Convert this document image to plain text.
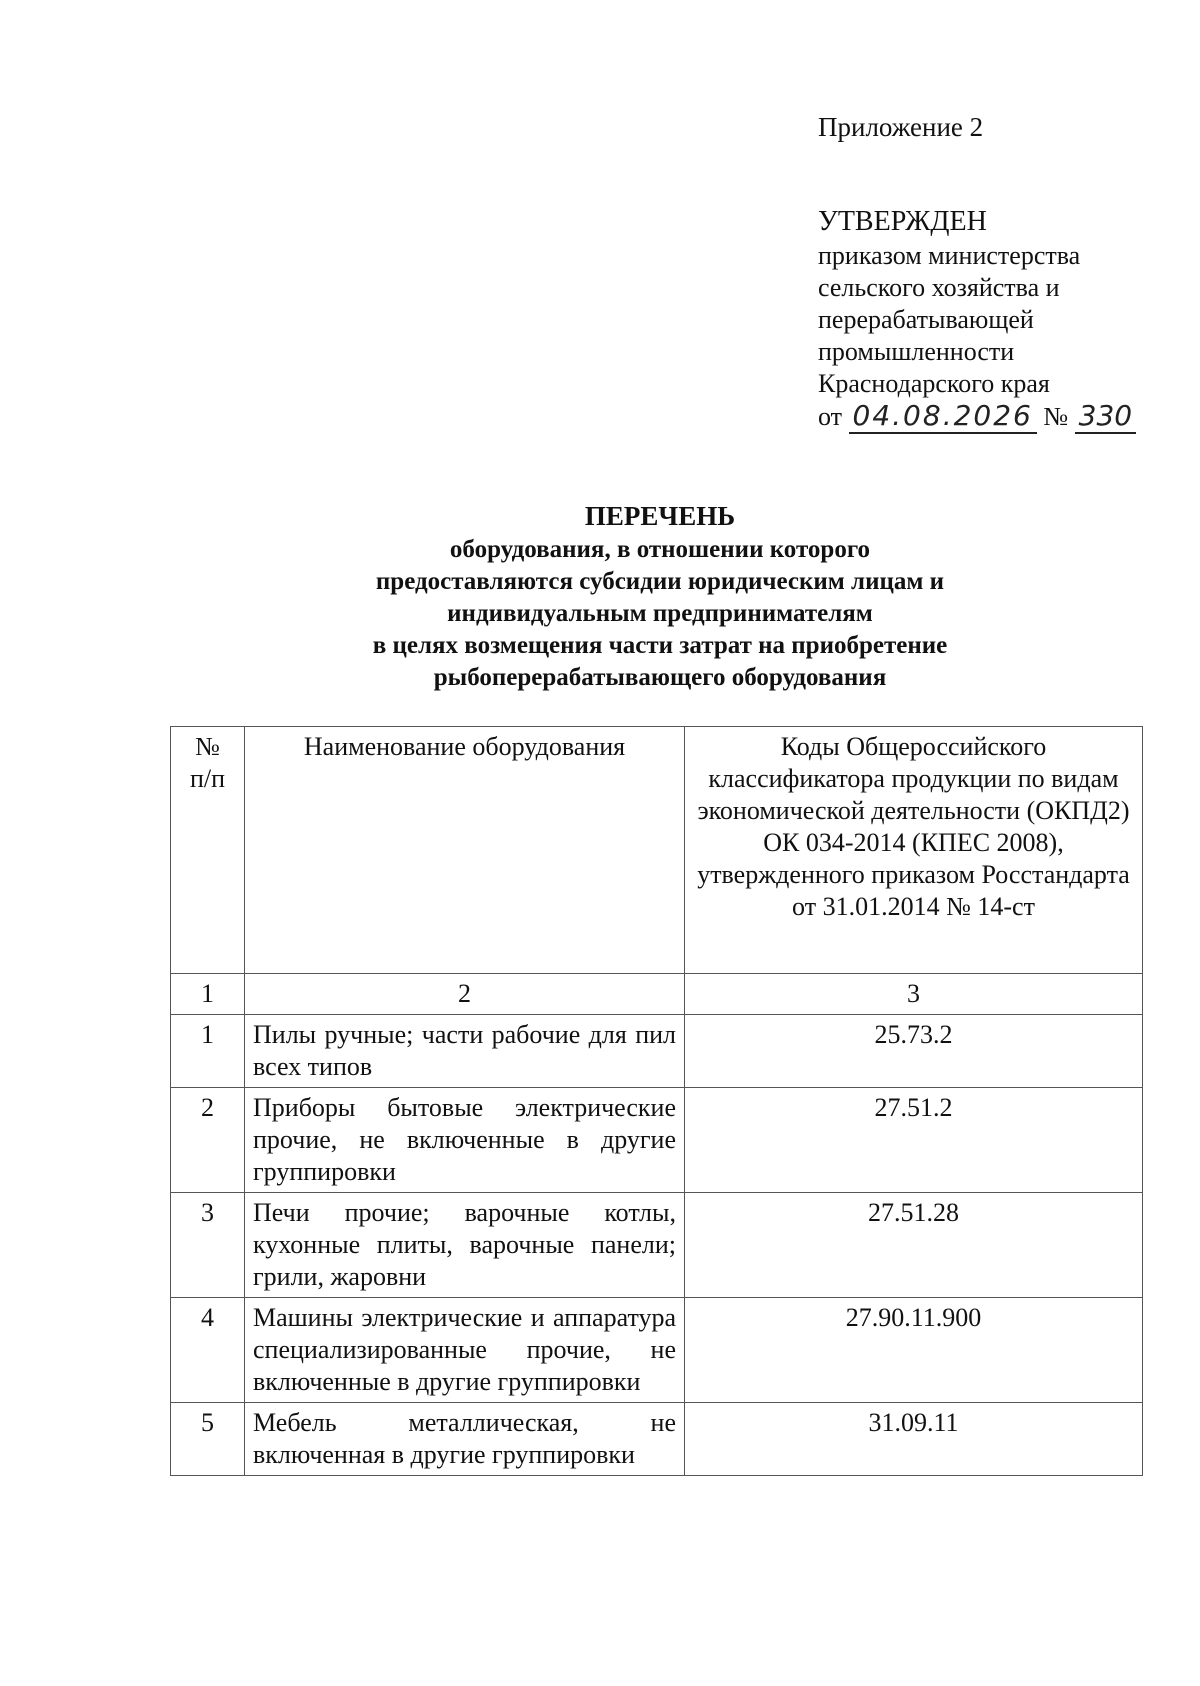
Приложение 2
УТВЕРЖДЕН
приказом министерства
сельского хозяйства и
перерабатывающей
промышленности
Краснодарского края
от 04.08.2026 № 330
ПЕРЕЧЕНЬ
оборудования, в отношении которого
предоставляются субсидии юридическим лицам и
индивидуальным предпринимателям
в целях возмещения части затрат на приобретение
рыбоперерабатывающего оборудования
№
п/п	Наименование оборудования	Коды Общероссийского классификатора продукции по видам экономической деятельности (ОКПД2) ОК 034-2014 (КПЕС 2008), утвержденного приказом Росстандарта от 31.01.2014 № 14-ст
1	2	3
1	Пилы ручные; части рабочие для пил всех типов	25.73.2
2	Приборы бытовые электрические прочие, не включенные в другие группировки	27.51.2
3	Печи прочие; варочные котлы, кухонные плиты, варочные панели; грили, жаровни	27.51.28
4	Машины электрические и аппаратура специализированные прочие, не включенные в другие группировки	27.90.11.900
5	Мебель металлическая, не включенная в другие группировки	31.09.11
